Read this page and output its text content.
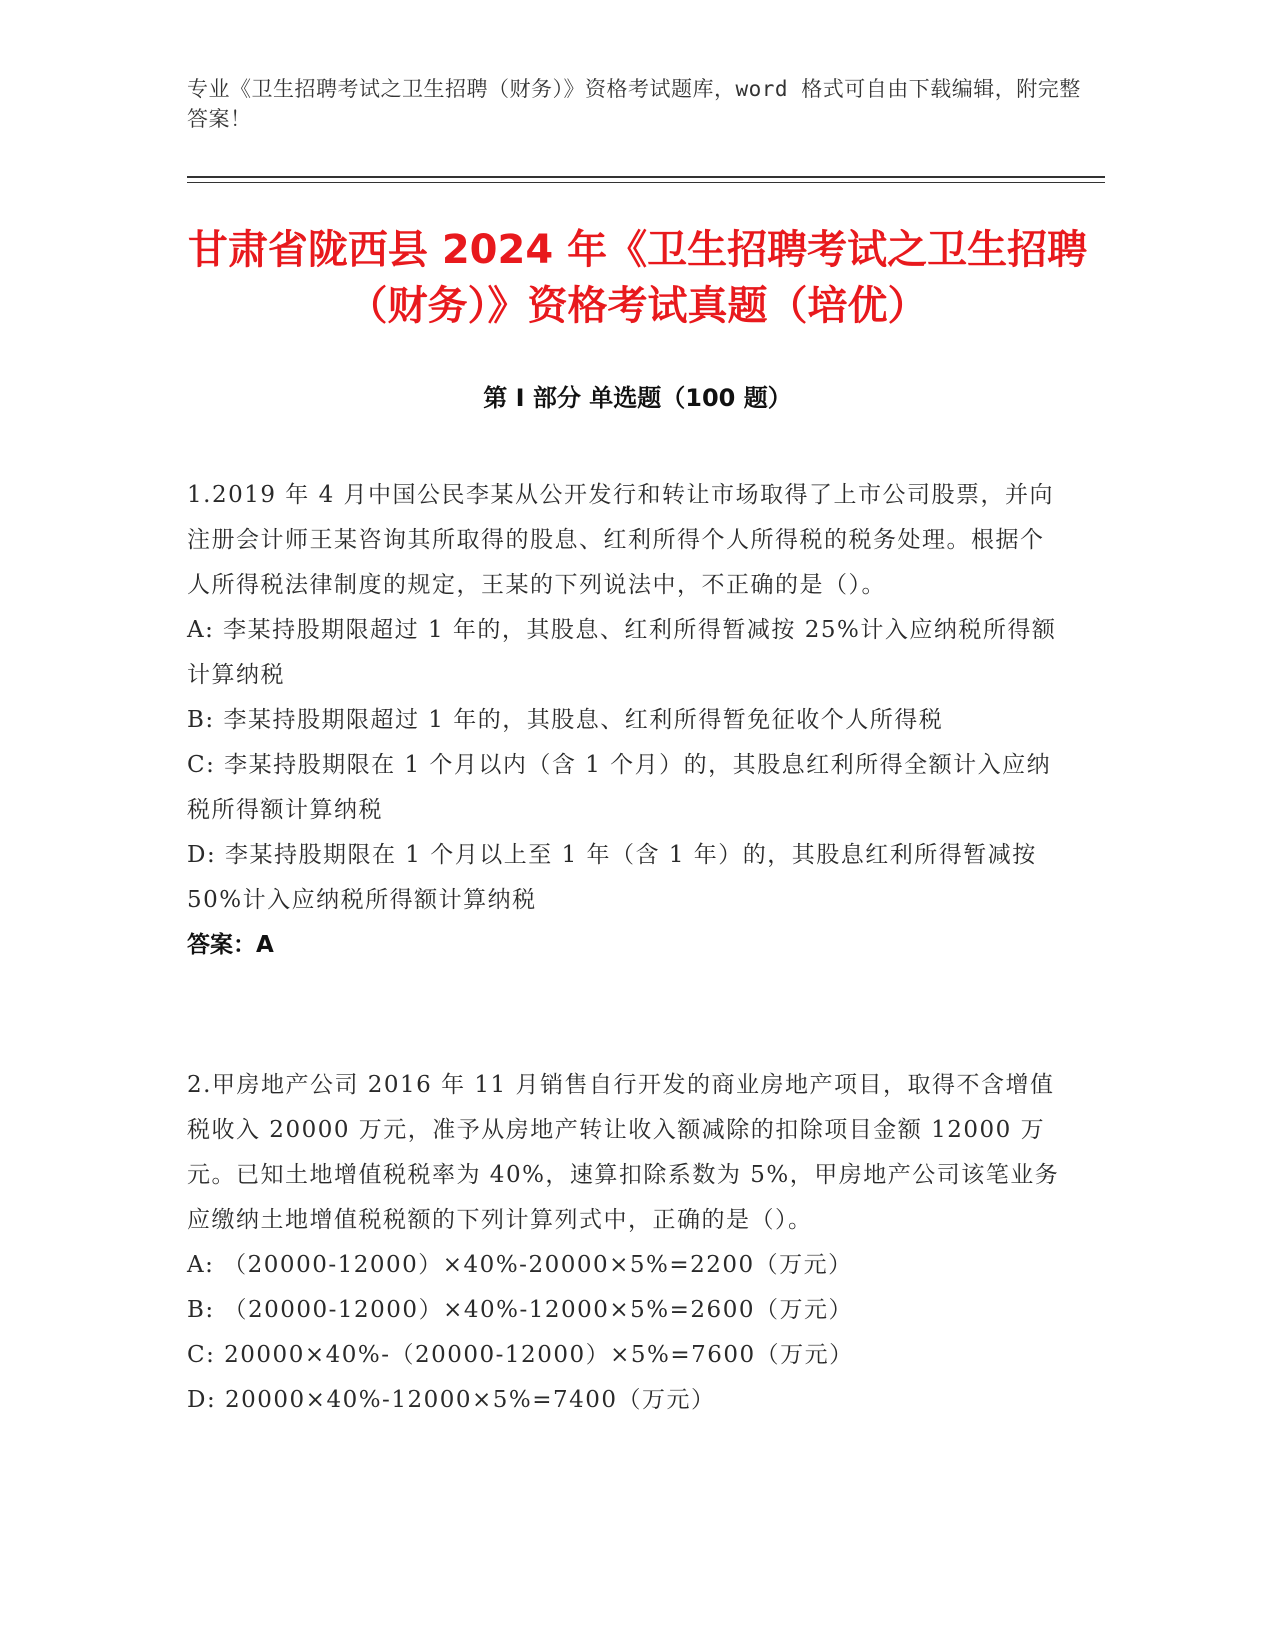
专业《卫生招聘考试之卫生招聘（财务）》资格考试题库，word 格式可自由下载编辑，附完整答案！
甘肃省陇西县 2024 年《卫生招聘考试之卫生招聘（财务）》资格考试真题（培优）
第 I 部分 单选题（100 题）

1.2019 年 4 月中国公民李某从公开发行和转让市场取得了上市公司股票，并向注册会计师王某咨询其所取得的股息、红利所得个人所得税的税务处理。根据个人所得税法律制度的规定，王某的下列说法中，不正确的是（）。

A: 李某持股期限超过 1 年的，其股息、红利所得暂减按 25%计入应纳税所得额计算纳税

B: 李某持股期限超过 1 年的，其股息、红利所得暂免征收个人所得税

C: 李某持股期限在 1 个月以内（含 1 个月）的，其股息红利所得全额计入应纳税所得额计算纳税

D: 李某持股期限在 1 个月以上至 1 年（含 1 年）的，其股息红利所得暂减按 50%计入应纳税所得额计算纳税

答案：A

2.甲房地产公司 2016 年 11 月销售自行开发的商业房地产项目，取得不含增值税收入 20000 万元，准予从房地产转让收入额减除的扣除项目金额 12000 万元。已知土地增值税税率为 40%，速算扣除系数为 5%，甲房地产公司该笔业务应缴纳土地增值税税额的下列计算列式中，正确的是（）。

A: （20000-12000）×40%-20000×5%=2200（万元）

B: （20000-12000）×40%-12000×5%=2600（万元）

C: 20000×40%-（20000-12000）×5%=7600（万元）

D: 20000×40%-12000×5%=7400（万元）
